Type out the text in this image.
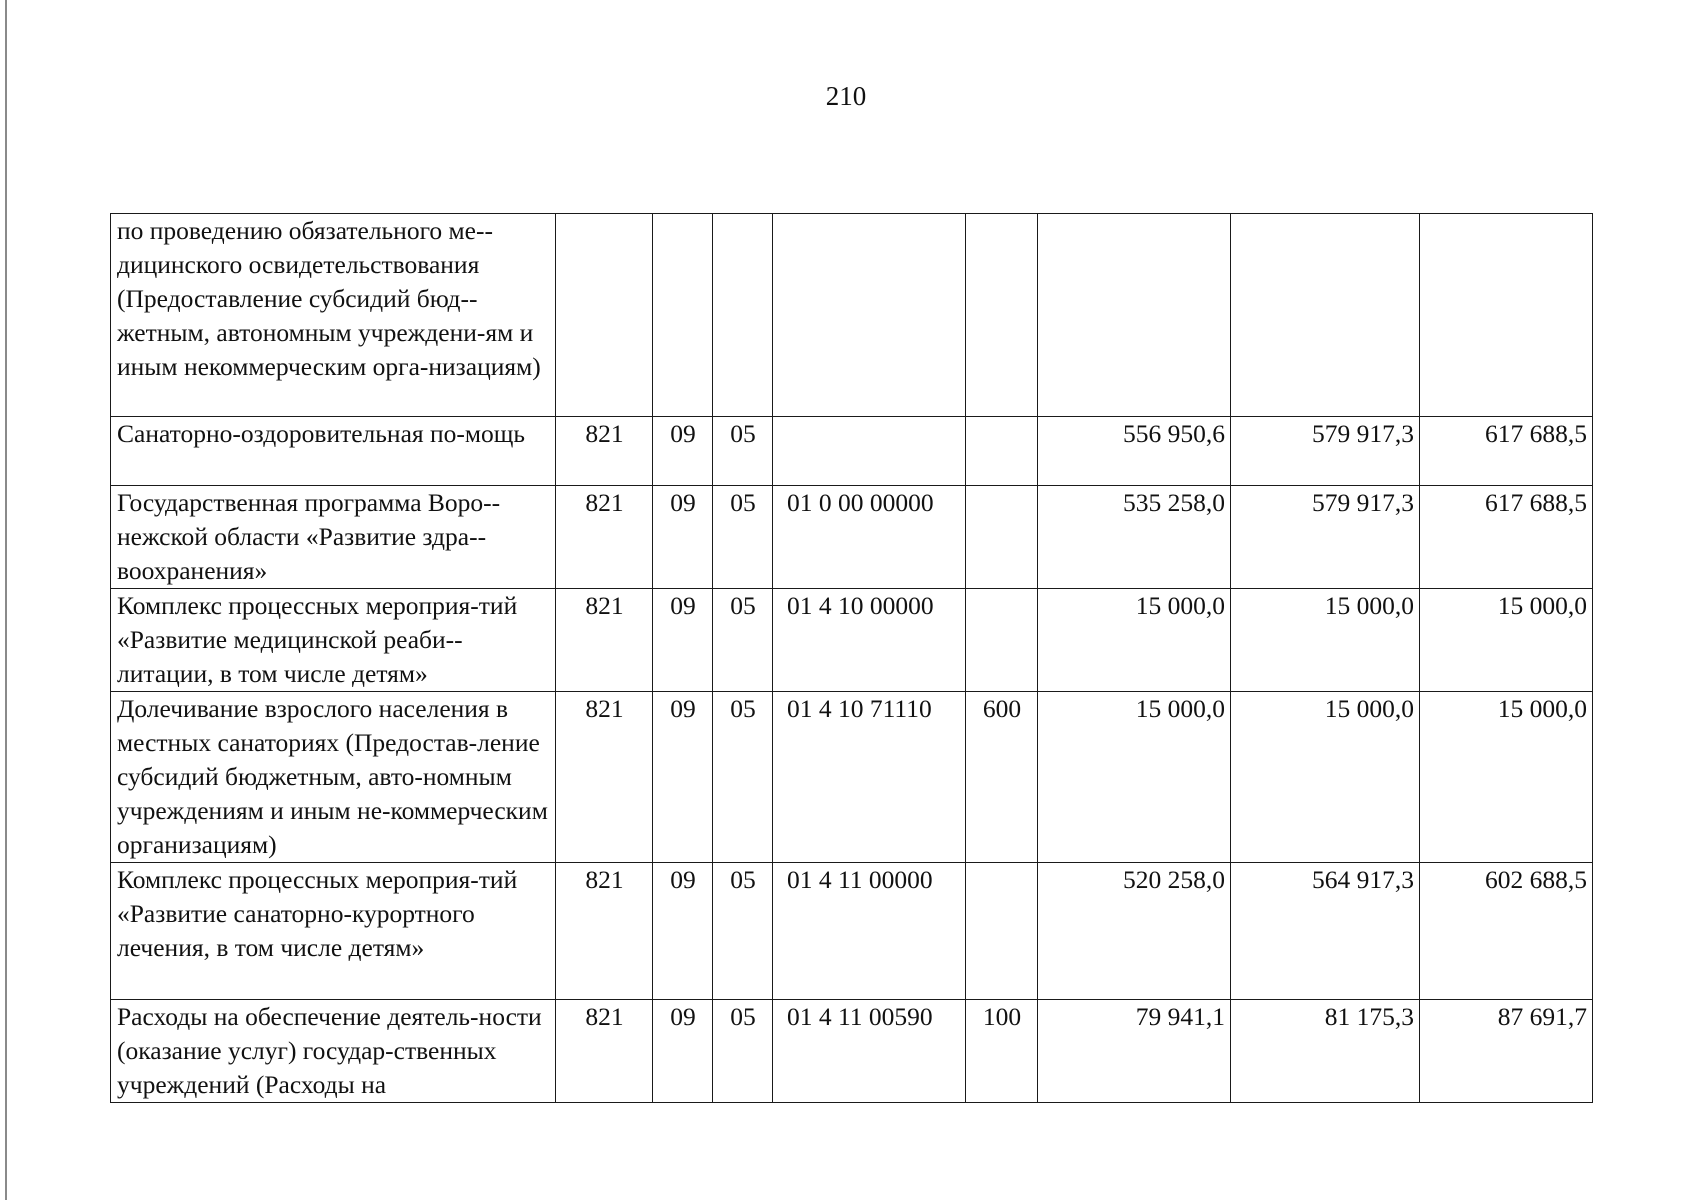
210
по проведению обязательного ме-дицинского освидетельствования (Предоставление субсидий бюд-жетным, автономным учреждени-ям и иным некоммерческим орга-низациям)								
Санаторно-оздоровительная по-мощь	821	09	05			556 950,6	579 917,3	617 688,5
Государственная программа Воро-нежской области «Развитие здра-воохранения»	821	09	05	01 0 00 00000		535 258,0	579 917,3	617 688,5
Комплекс процессных мероприя-тий «Развитие медицинской реаби-литации, в том числе детям»	821	09	05	01 4 10 00000		15 000,0	15 000,0	15 000,0
Долечивание взрослого населения в местных санаториях (Предостав-ление субсидий бюджетным, авто-номным учреждениям и иным не-коммерческим организациям)	821	09	05	01 4 10 71110	600	15 000,0	15 000,0	15 000,0
Комплекс процессных мероприя-тий «Развитие санаторно-курортного лечения, в том числе детям»	821	09	05	01 4 11 00000		520 258,0	564 917,3	602 688,5
Расходы на обеспечение деятель-ности (оказание услуг) государ-ственных учреждений (Расходы на	821	09	05	01 4 11 00590	100	79 941,1	81 175,3	87 691,7
